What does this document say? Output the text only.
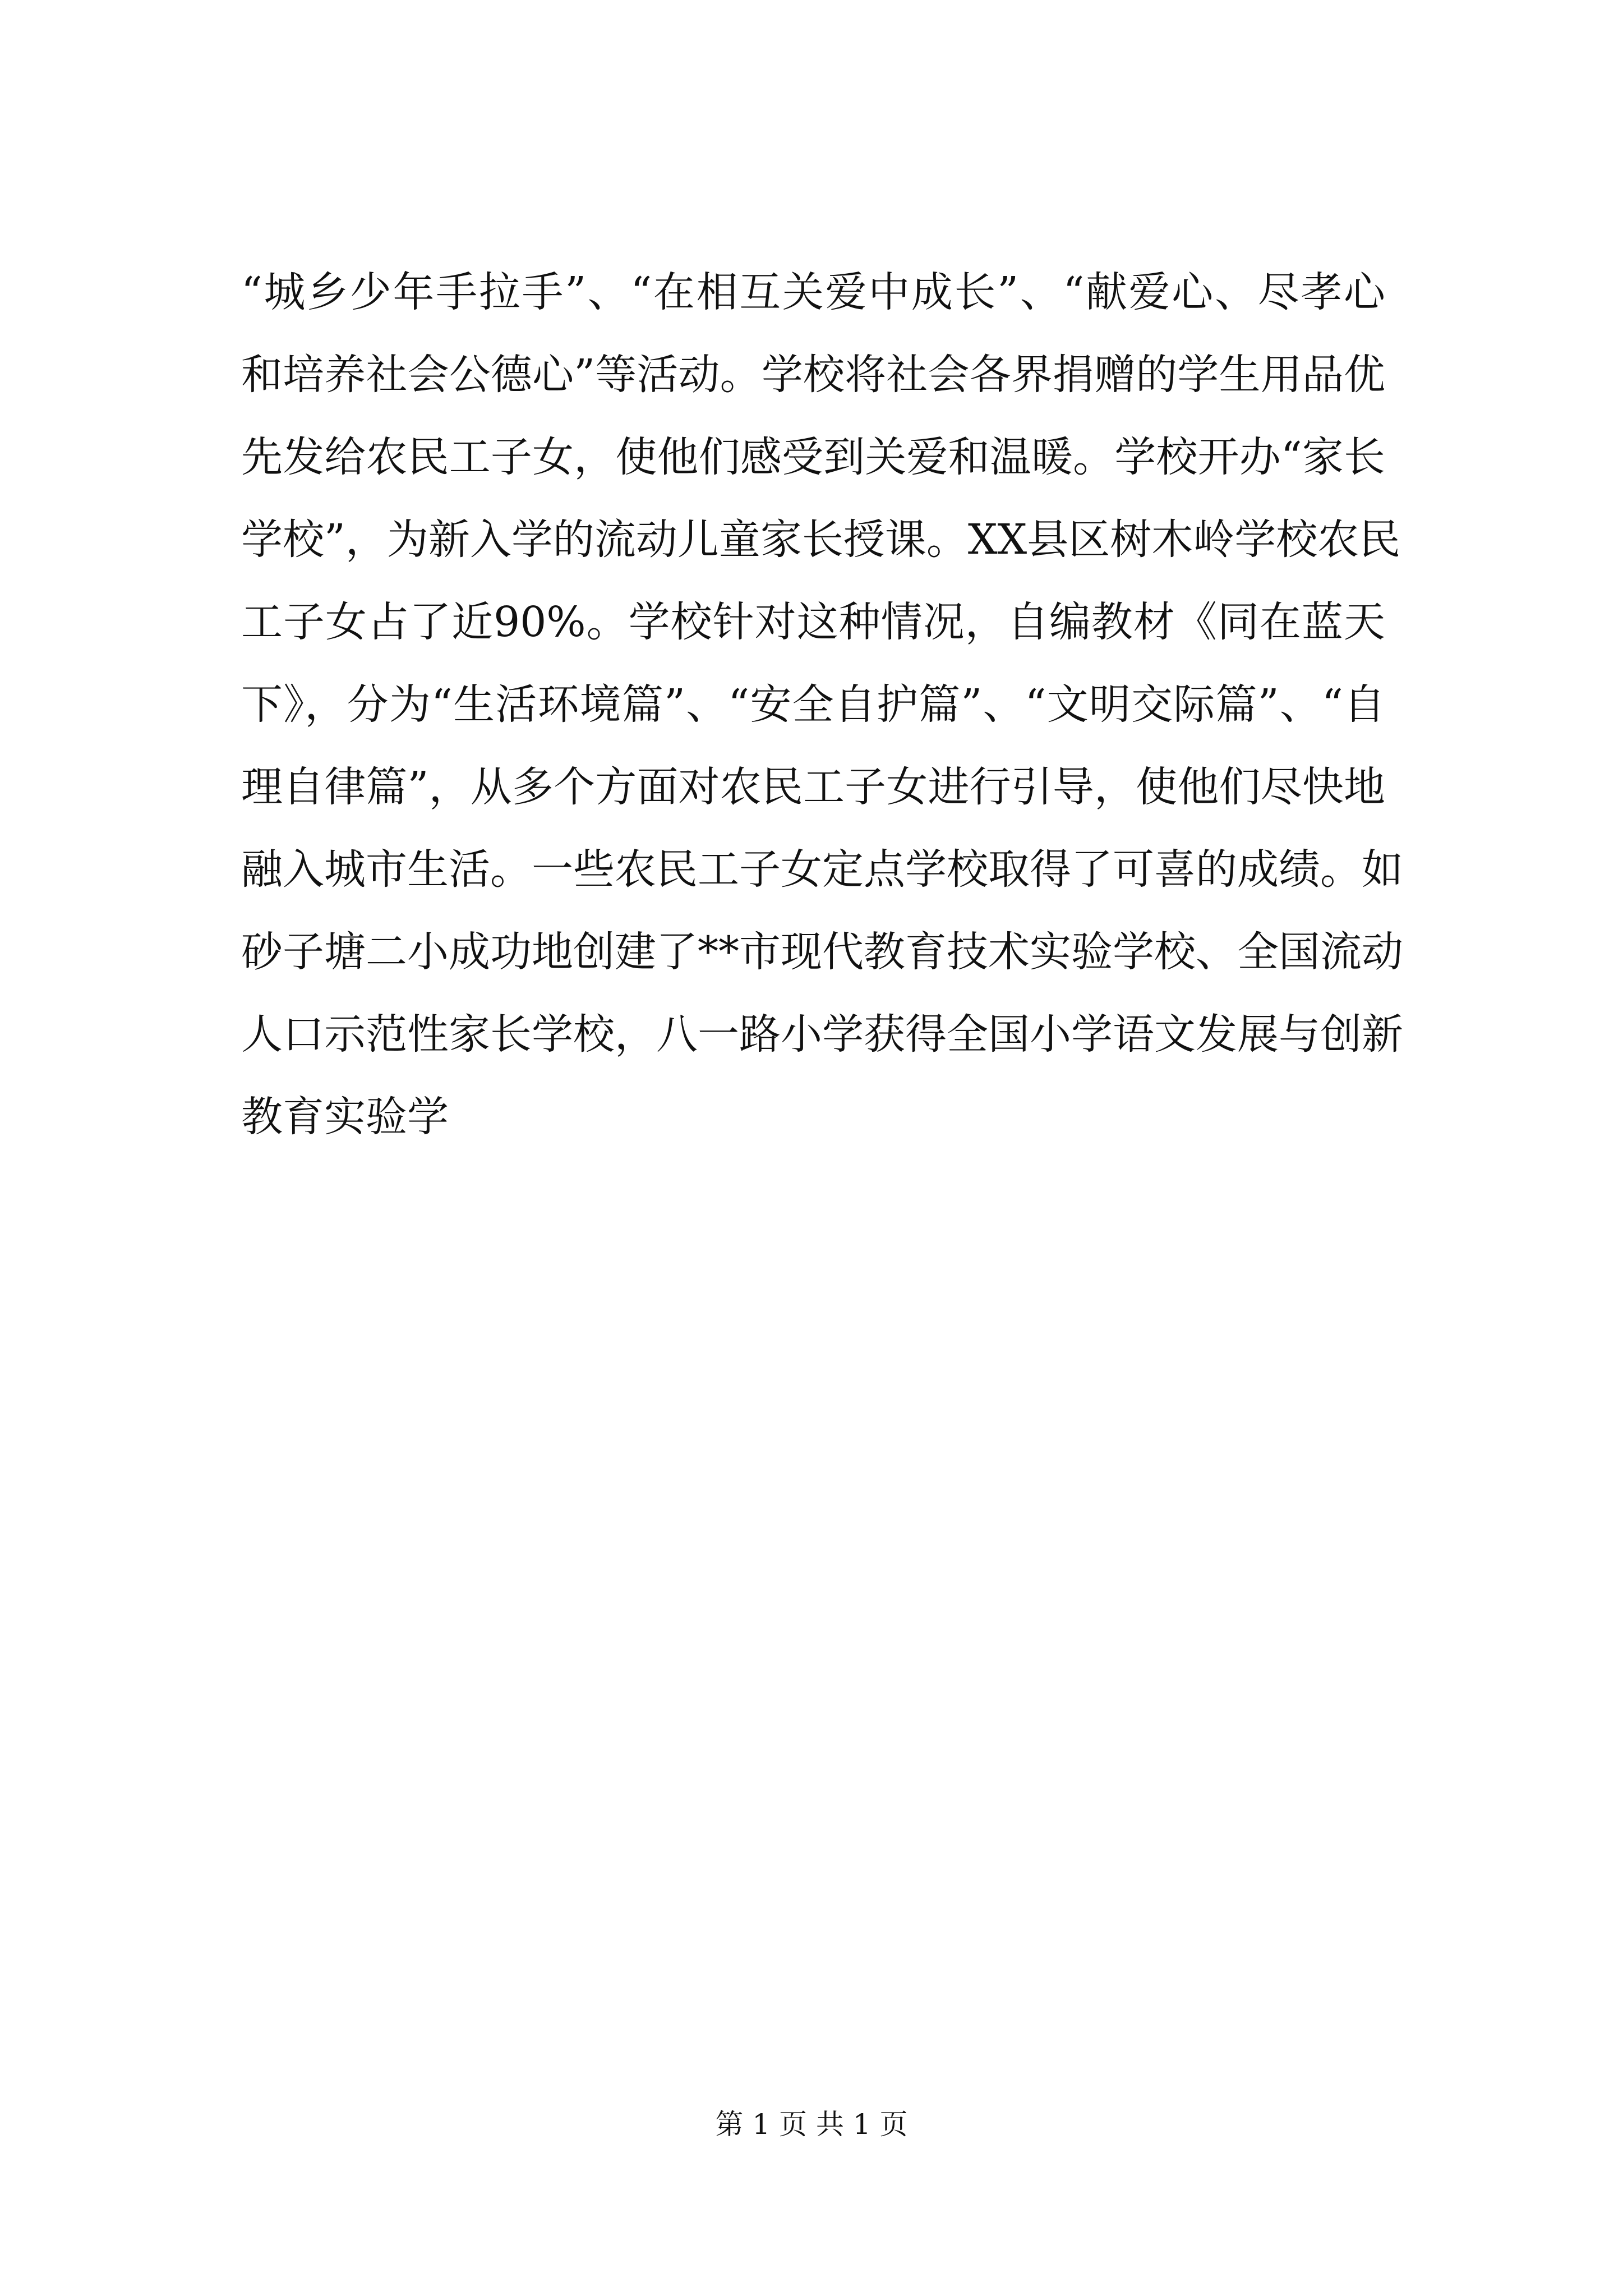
“城乡少年手拉手”、“在相互关爱中成长”、“献爱心、尽孝心
和培养社会公德心”等活动。学校将社会各界捐赠的学生用品优
先发给农民工子女，使他们感受到关爱和温暖。学校开办“家长
学校”，为新入学的流动儿童家长授课。XX县区树木岭学校农民
工子女占了近90%。学校针对这种情况，自编教材《同在蓝天
下》，分为“生活环境篇”、“安全自护篇”、“文明交际篇”、“自
理自律篇”，从多个方面对农民工子女进行引导，使他们尽快地
融入城市生活。一些农民工子女定点学校取得了可喜的成绩。如
砂子塘二小成功地创建了**市现代教育技术实验学校、全国流动
人口示范性家长学校，八一路小学获得全国小学语文发展与创新
教育实验学

第 1 页 共 1 页
